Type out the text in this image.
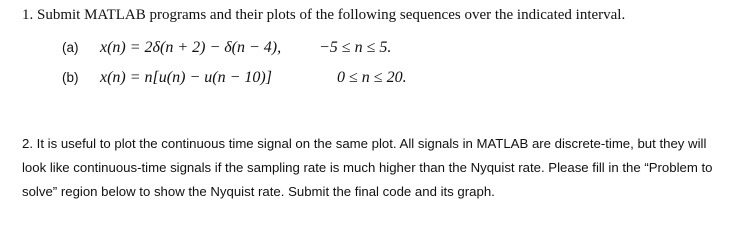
1. Submit MATLAB programs and their plots of the following sequences over the indicated interval.
(a) x(n) = 2δ(n + 2) − δ(n − 4), −5 ≤ n ≤ 5.
(b) x(n) = n[u(n) − u(n − 10)]	0 ≤ n ≤ 20.

2. It is useful to plot the continuous time signal on the same plot. All signals in MATLAB are discrete-time, but they will look like continuous-time signals if the sampling rate is much higher than the Nyquist rate. Please fill in the “Problem to solve” region below to show the Nyquist rate. Submit the final code and its graph.
